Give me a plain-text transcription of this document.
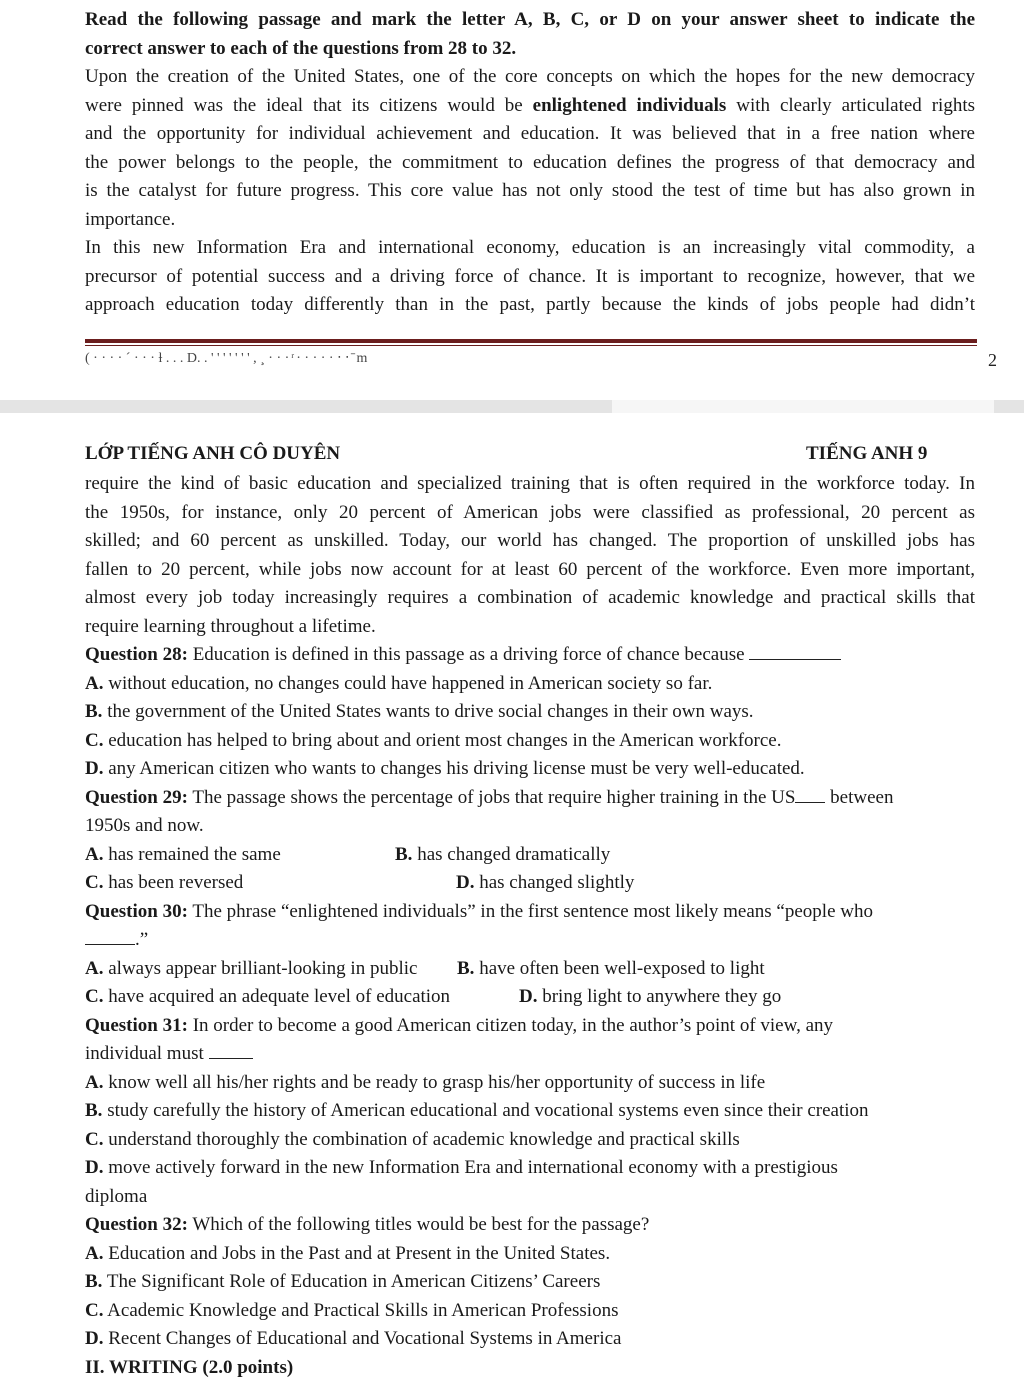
Read the following passage and mark the letter A, B, C, or D on your answer sheet to indicate the
correct answer to each of the questions from 28 to 32.
Upon the creation of the United States, one of the core concepts on which the hopes for the new democracy
were pinned was the ideal that its citizens would be enlightened individuals with clearly articulated rights
and the opportunity for individual achievement and education. It was believed that in a free nation where
the power belongs to the people, the commitment to education defines the progress of that democracy and
is the catalyst for future progress. This core value has not only stood the test of time but has also grown in
importance.
In this new Information Era and international economy, education is an increasingly vital commodity, a
precursor of potential success and a driving force of chance. It is important to recognize, however, that we
approach education today differently than in the past, partly because the kinds of jobs people had didn’t
( · · · · ´ · · · ƚ . . . D. . ' ' ' ' ' ' ' , ¸ · · · ͬ · · · · · ‧ ‧ ̄ m	2
LỚP TIẾNG ANH CÔ DUYÊN	TIẾNG ANH 9
require the kind of basic education and specialized training that is often required in the workforce today. In
the 1950s, for instance, only 20 percent of American jobs were classified as professional, 20 percent as
skilled; and 60 percent as unskilled. Today, our world has changed. The proportion of unskilled jobs has
fallen to 20 percent, while jobs now account for at least 60 percent of the workforce. Even more important,
almost every job today increasingly requires a combination of academic knowledge and practical skills that
require learning throughout a lifetime.
Question 28: Education is defined in this passage as a driving force of chance because
A. without education, no changes could have happened in American society so far.
B. the government of the United States wants to drive social changes in their own ways.
C. education has helped to bring about and orient most changes in the American workforce.
D. any American citizen who wants to changes his driving license must be very well-educated.
Question 29: The passage shows the percentage of jobs that require higher training in the US between
1950s and now.
A. has remained the same	B. has changed dramatically
C. has been reversed	D. has changed slightly
Question 30: The phrase “enlightened individuals” in the first sentence most likely means “people who
.”
A. always appear brilliant-looking in public B. have often been well-exposed to light
C. have acquired an adequate level of education	D. bring light to anywhere they go
Question 31: In order to become a good American citizen today, in the author’s point of view, any
individual must
A. know well all his/her rights and be ready to grasp his/her opportunity of success in life
B. study carefully the history of American educational and vocational systems even since their creation
C. understand thoroughly the combination of academic knowledge and practical skills
D. move actively forward in the new Information Era and international economy with a prestigious
diploma
Question 32: Which of the following titles would be best for the passage?
A. Education and Jobs in the Past and at Present in the United States.
B. The Significant Role of Education in American Citizens’ Careers
C. Academic Knowledge and Practical Skills in American Professions
D. Recent Changes of Educational and Vocational Systems in America
II. WRITING (2.0 points)
